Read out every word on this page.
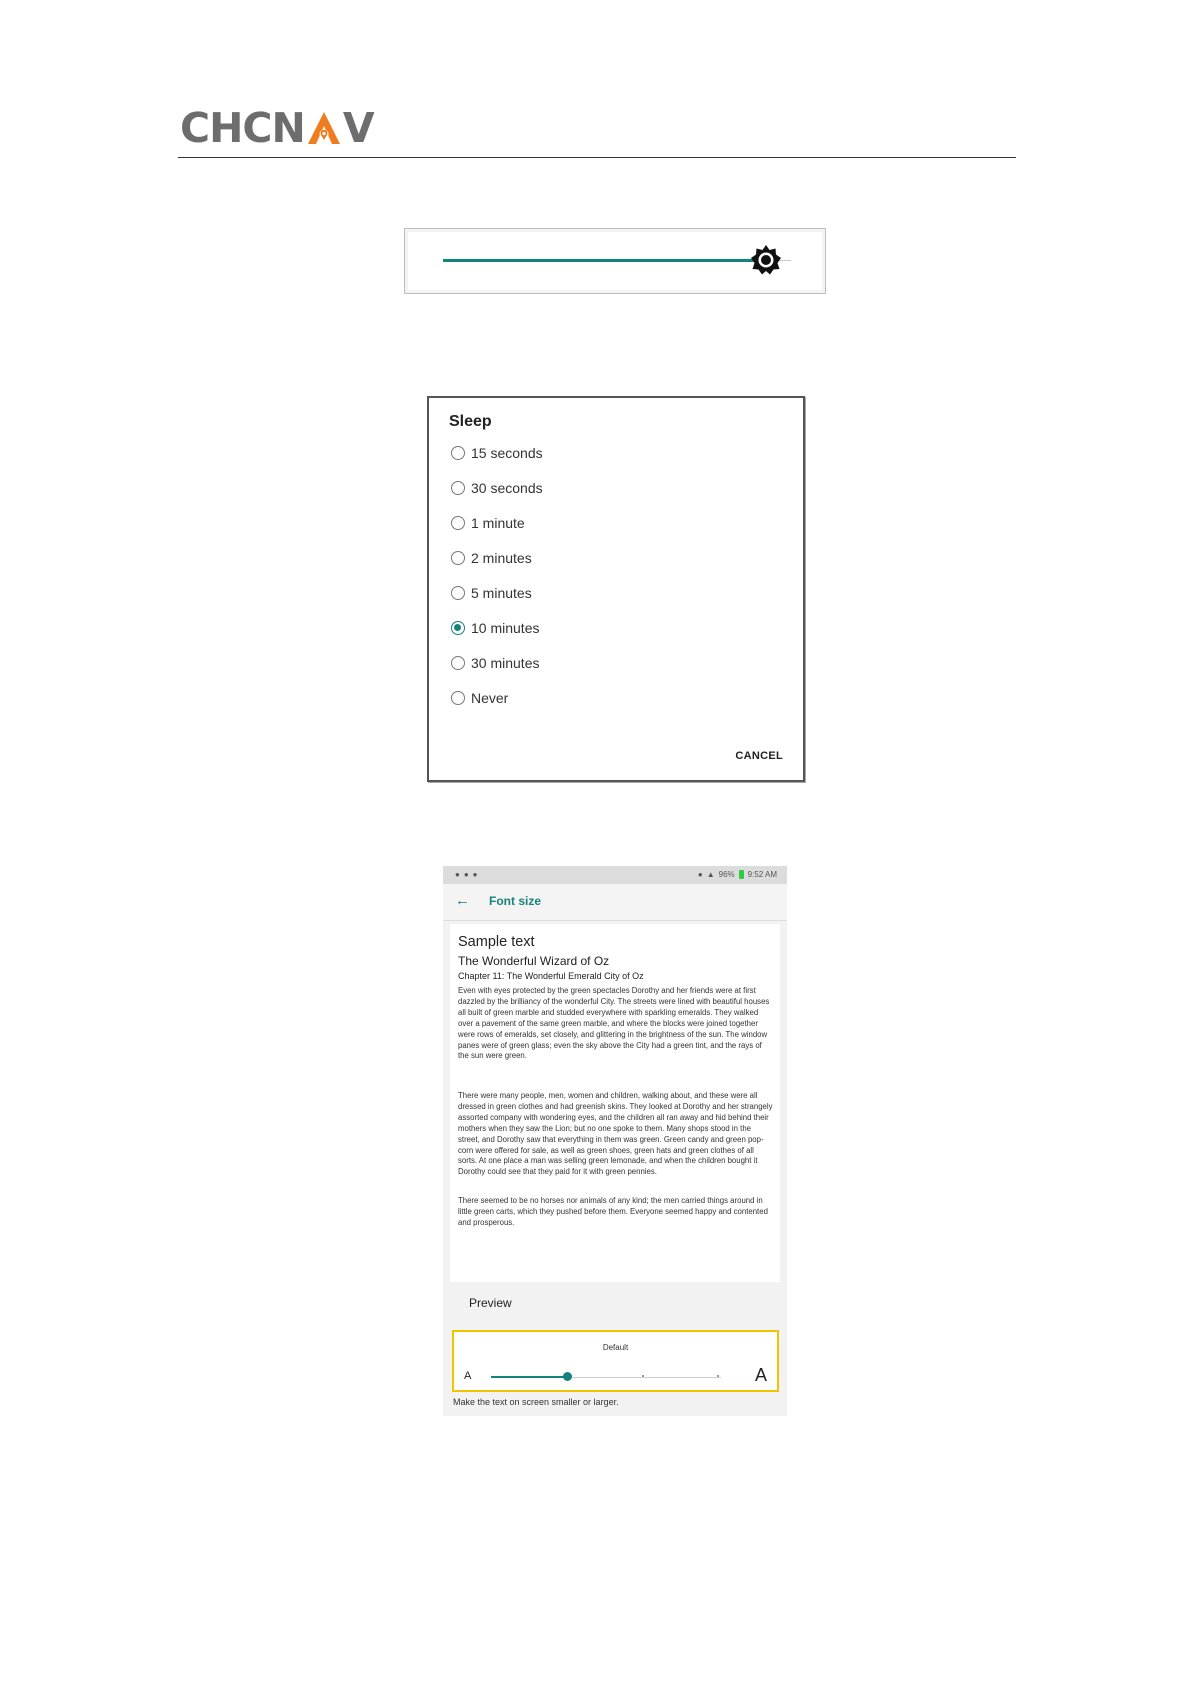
CHCN V
Sleep
15 seconds
30 seconds
1 minute
2 minutes
5 minutes
10 minutes
30 minutes
Never
CANCEL
●●●	● ▲ 96% 9:52 AM
← Font size
Sample text
The Wonderful Wizard of Oz
Chapter 11: The Wonderful Emerald City of Oz

Even with eyes protected by the green spectacles Dorothy and her friends were at first dazzled by the brilliancy of the wonderful City. The streets were lined with beautiful houses all built of green marble and studded everywhere with sparkling emeralds. They walked over a pavement of the same green marble, and where the blocks were joined together were rows of emeralds, set closely, and glittering in the brightness of the sun. The window panes were of green glass; even the sky above the City had a green tint, and the rays of the sun were green.

There were many people, men, women and children, walking about, and these were all dressed in green clothes and had greenish skins. They looked at Dorothy and her strangely assorted company with wondering eyes, and the children all ran away and hid behind their mothers when they saw the Lion; but no one spoke to them. Many shops stood in the street, and Dorothy saw that everything in them was green. Green candy and green pop-corn were offered for sale, as well as green shoes, green hats and green clothes of all sorts. At one place a man was selling green lemonade, and when the children bought it Dorothy could see that they paid for it with green pennies.

There seemed to be no horses nor animals of any kind; the men carried things around in little green carts, which they pushed before them. Everyone seemed happy and contented and prosperous.

Preview
Default
A	A
Make the text on screen smaller or larger.
